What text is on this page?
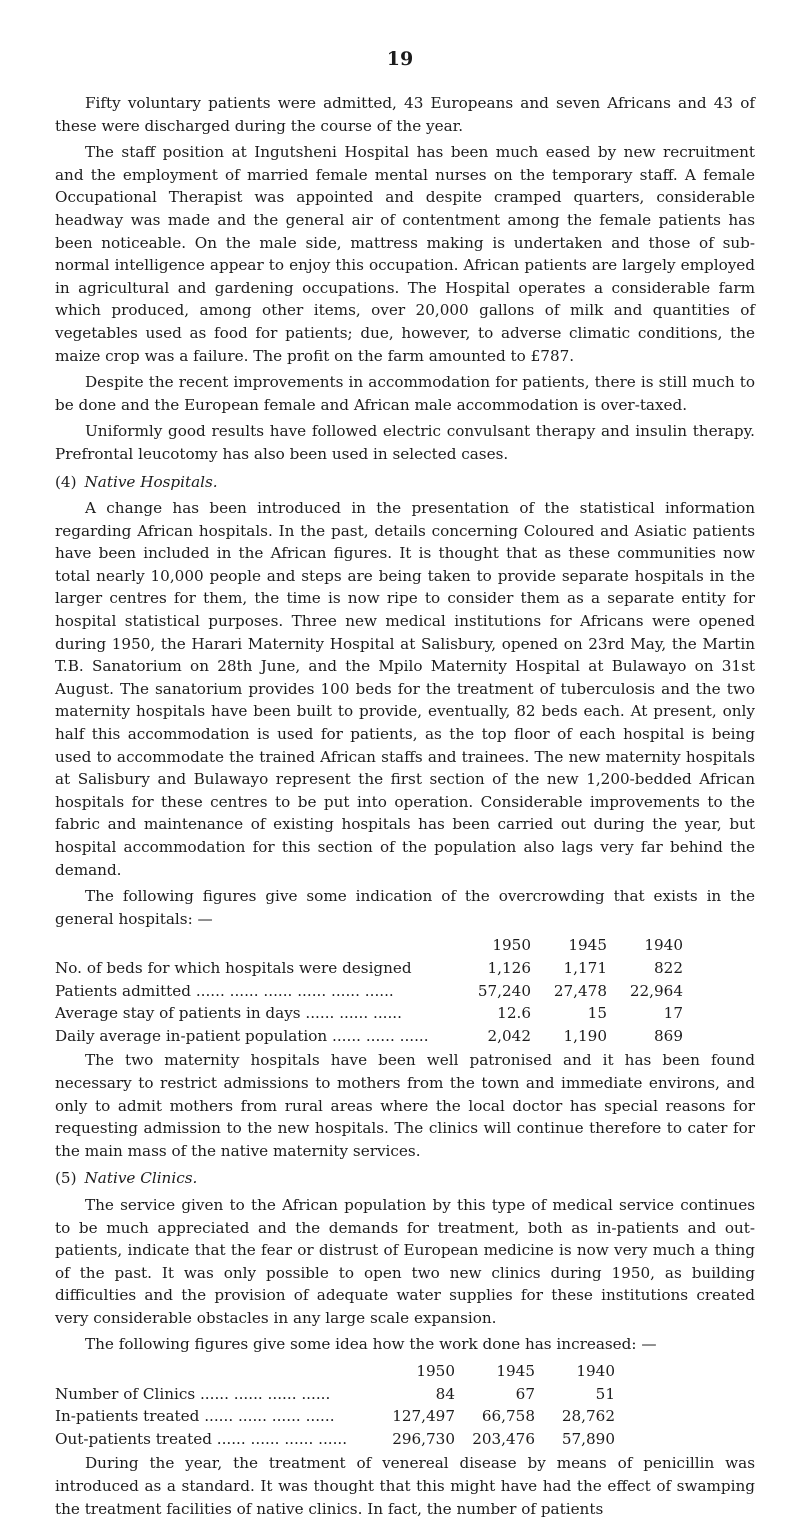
19

Fifty voluntary patients were admitted, 43 Europeans and seven Africans and 43 of these were discharged during the course of the year.

The staff position at Ingutsheni Hospital has been much eased by new recruitment and the employment of married female mental nurses on the temporary staff. A female Occupational Therapist was appointed and despite cramped quarters, considerable headway was made and the general air of contentment among the female patients has been noticeable. On the male side, mattress making is undertaken and those of sub-normal intelligence appear to enjoy this occupation. African patients are largely employed in agricultural and gardening occupations. The Hospital operates a considerable farm which produced, among other items, over 20,000 gallons of milk and quantities of vegetables used as food for patients; due, however, to adverse climatic conditions, the maize crop was a failure. The profit on the farm amounted to £787.

Despite the recent improvements in accommodation for patients, there is still much to be done and the European female and African male accommodation is over-taxed.

Uniformly good results have followed electric convulsant therapy and insulin therapy. Prefrontal leucotomy has also been used in selected cases.

(4) Native Hospitals.

A change has been introduced in the presentation of the statistical information regarding African hospitals. In the past, details concerning Coloured and Asiatic patients have been included in the African figures. It is thought that as these communities now total nearly 10,000 people and steps are being taken to provide separate hospitals in the larger centres for them, the time is now ripe to consider them as a separate entity for hospital statistical purposes. Three new medical institutions for Africans were opened during 1950, the Harari Maternity Hospital at Salisbury, opened on 23rd May, the Martin T.B. Sanatorium on 28th June, and the Mpilo Maternity Hospital at Bulawayo on 31st August. The sanatorium provides 100 beds for the treatment of tuberculosis and the two maternity hospitals have been built to provide, eventually, 82 beds each. At present, only half this accommodation is used for patients, as the top floor of each hospital is being used to accommodate the trained African staffs and trainees. The new maternity hospitals at Salisbury and Bulawayo represent the first section of the new 1,200-bedded African hospitals for these centres to be put into operation. Considerable improvements to the fabric and maintenance of existing hospitals has been carried out during the year, but hospital accommodation for this section of the population also lags very far behind the demand.

The following figures give some indication of the overcrowding that exists in the general hospitals: —

	1950	1945	1940
No. of beds for which hospitals were designed	1,126	1,171	822
Patients admitted ...... ...... ...... ...... ...... ......	57,240	27,478	22,964
Average stay of patients in days ...... ...... ......	12.6	15	17
Daily average in-patient population ...... ...... ......	2,042	1,190	869

The two maternity hospitals have been well patronised and it has been found necessary to restrict admissions to mothers from the town and immediate environs, and only to admit mothers from rural areas where the local doctor has special reasons for requesting admission to the new hospitals. The clinics will continue therefore to cater for the main mass of the native maternity services.

(5) Native Clinics.

The service given to the African population by this type of medical service continues to be much appreciated and the demands for treatment, both as in-patients and out-patients, indicate that the fear or distrust of European medicine is now very much a thing of the past. It was only possible to open two new clinics during 1950, as building difficulties and the provision of adequate water supplies for these institutions created very considerable obstacles in any large scale expansion.

The following figures give some idea how the work done has increased: —

	1950	1945	1940
Number of Clinics ...... ...... ...... ......	84	67	51
In-patients treated ...... ...... ...... ......	127,497	66,758	28,762
Out-patients treated ...... ...... ...... ......	296,730	203,476	57,890

During the year, the treatment of venereal disease by means of penicillin was introduced as a standard. It was thought that this might have had the effect of swamping the treatment facilities of native clinics. In fact, the number of patients
